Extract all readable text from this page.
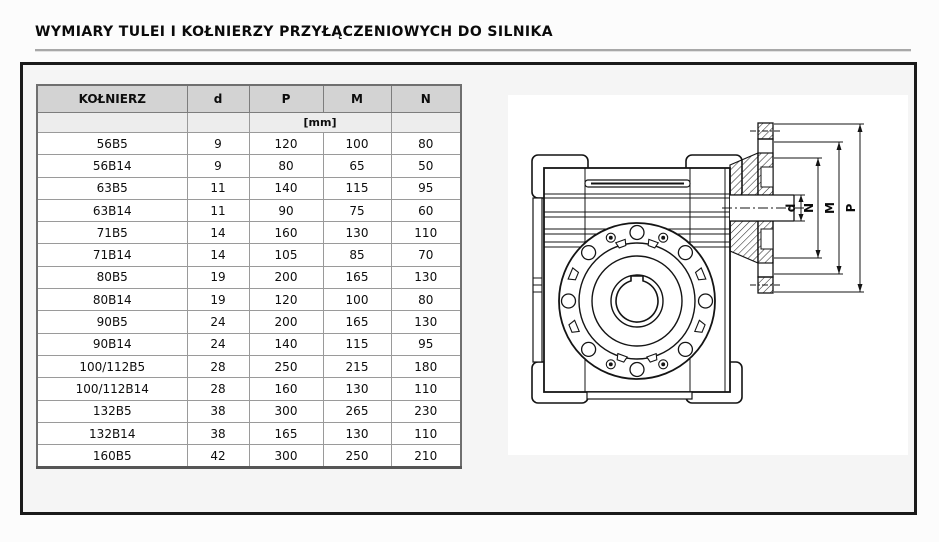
WYMIARY TULEI I KOŁNIERZY PRZYŁĄCZENIOWYCH DO SILNIKA
KOŁNIERZ	d	P	M	N
		[mm]		
56B5	9	120	100	80
56B14	9	80	65	50
63B5	11	140	115	95
63B14	11	90	75	60
71B5	14	160	130	110
71B14	14	105	85	70
80B5	19	200	165	130
80B14	19	120	100	80
90B5	24	200	165	130
90B14	24	140	115	95
100/112B5	28	250	215	180
100/112B14	28	160	130	110
132B5	38	300	265	230
132B14	38	165	130	110
160B5	42	300	250	210
d N M P
